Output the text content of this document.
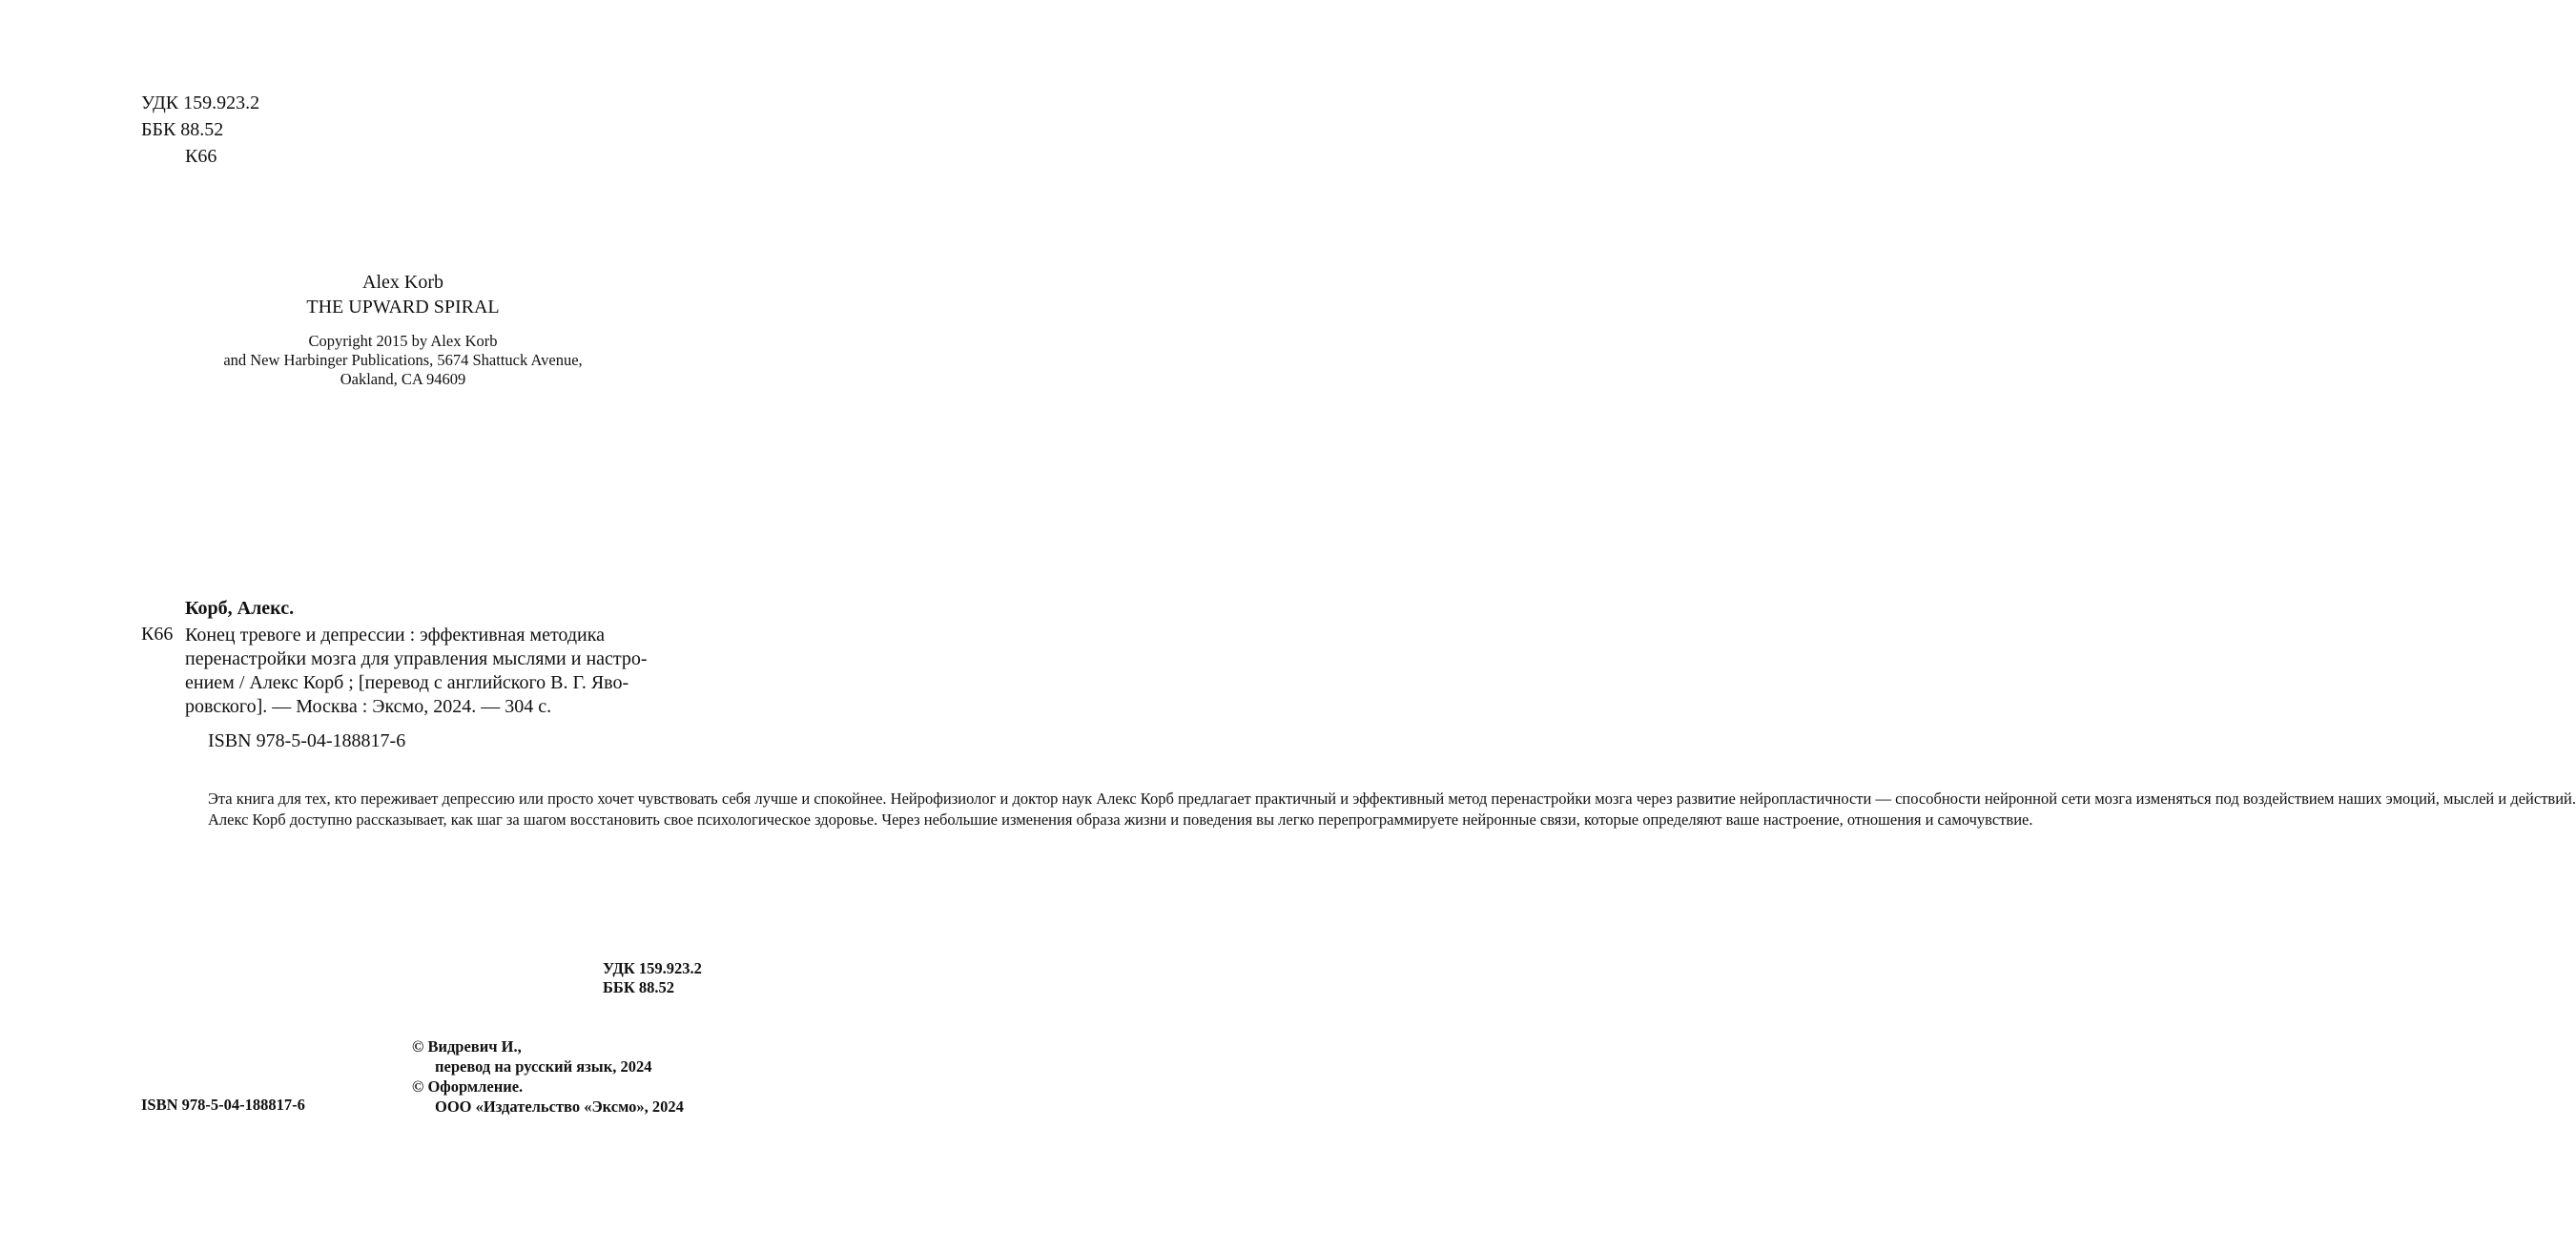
УДК 159.923.2
ББК 88.52
К66
Alex Korb
THE UPWARD SPIRAL
Copyright 2015 by Alex Korb
and New Harbinger Publications, 5674 Shattuck Avenue,
Oakland, CA 94609
Корб, Алекс.
К66 Конец тревоге и депрессии : эффективная методика
перенастройки мозга для управления мыслями и настро-
ением / Алекс Корб ; [перевод с английского В. Г. Яво-
ровского]. — Москва : Эксмо, 2024. — 304 с.
ISBN 978-5-04-188817-6

Эта книга для тех, кто переживает депрессию или просто хочет чувствовать себя лучше и спокойнее. Нейрофизиолог и доктор наук Алекс Корб предлагает практичный и эффективный метод перенастройки мозга через развитие нейропластичности — способности нейронной сети мозга изменяться под воздействием наших эмоций, мыслей и действий.

Алекс Корб доступно рассказывает, как шаг за шагом восстановить свое психологическое здоровье. Через небольшие изменения образа жизни и поведения вы легко перепрограммируете нейронные связи, которые определяют ваше настроение, отношения и самочувствие.

УДК 159.923.2
ББК 88.52
© Видревич И.,
перевод на русский язык, 2024
© Оформление.
ООО «Издательство «Эксмо», 2024
ISBN 978-5-04-188817-6
